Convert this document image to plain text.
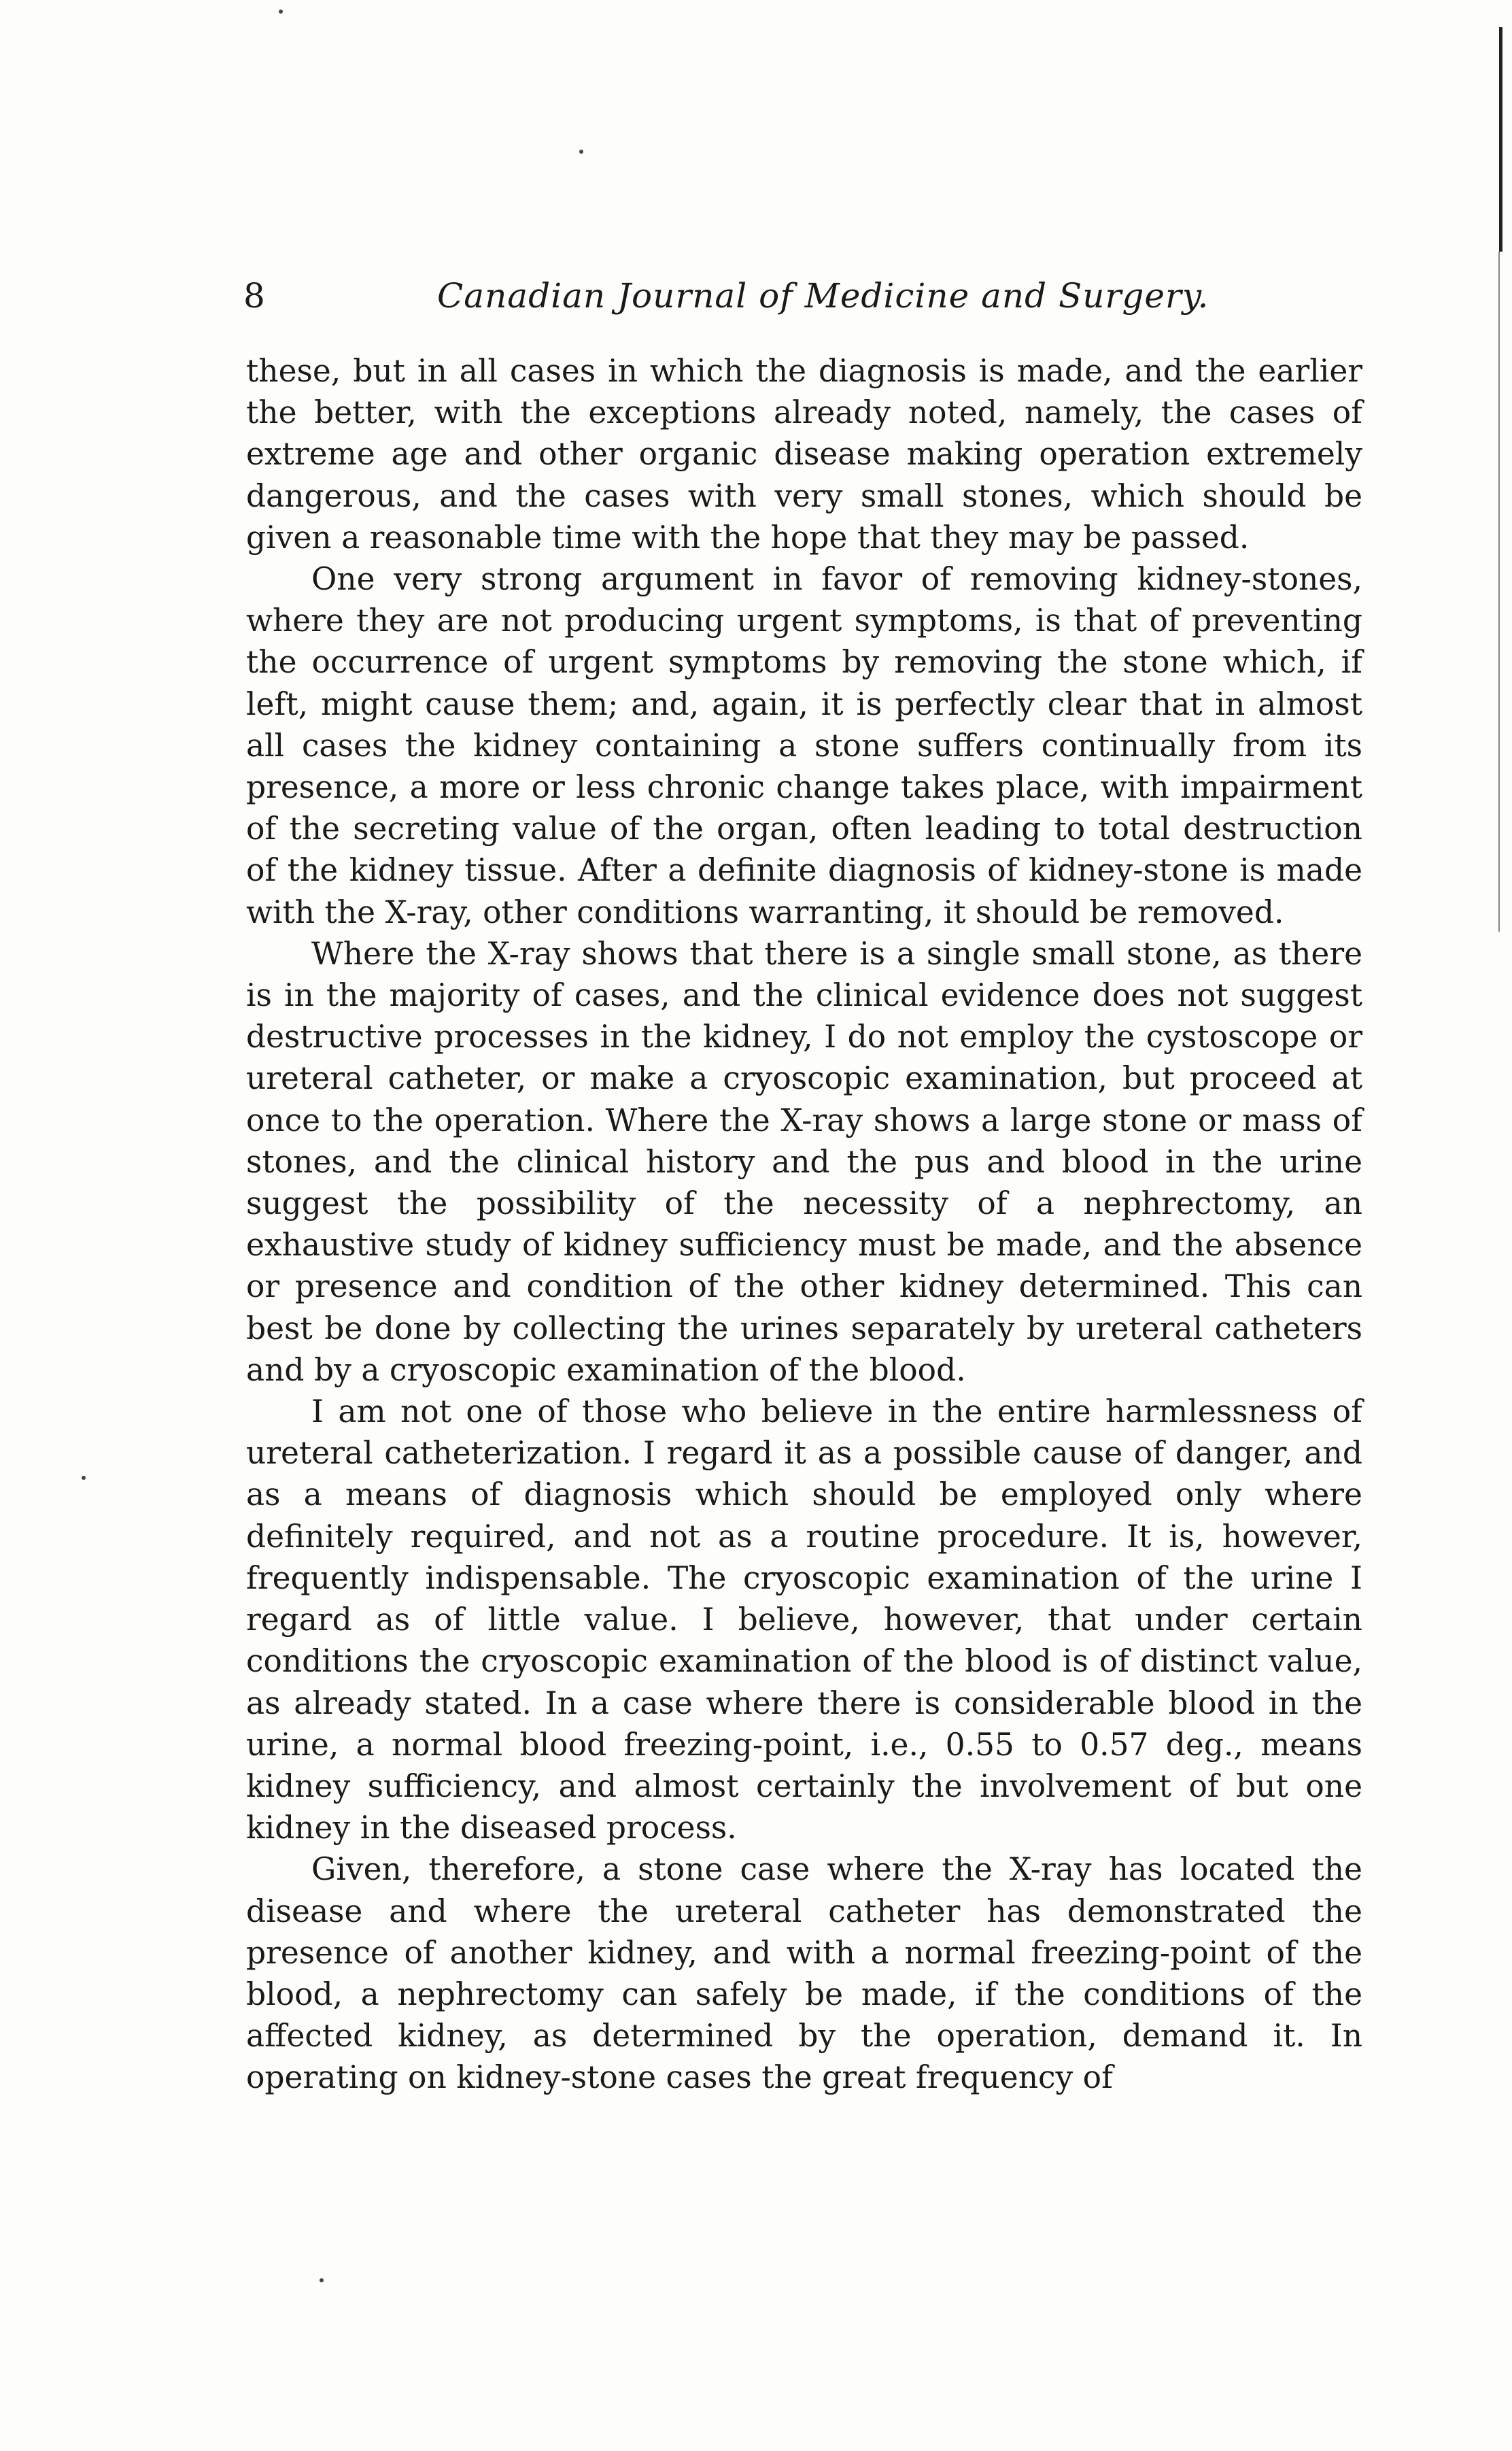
8	Canadian Journal of Medicine and Surgery.

these, but in all cases in which the diagnosis is made, and the earlier the better, with the exceptions already noted, namely, the cases of extreme age and other organic disease making operation extremely dangerous, and the cases with very small stones, which should be given a reasonable time with the hope that they may be passed.

One very strong argument in favor of removing kidney-stones, where they are not producing urgent symptoms, is that of preventing the occurrence of urgent symptoms by removing the stone which, if left, might cause them; and, again, it is perfectly clear that in almost all cases the kidney containing a stone suffers continually from its presence, a more or less chronic change takes place, with impairment of the secreting value of the organ, often leading to total destruction of the kidney tissue. After a definite diagnosis of kidney-stone is made with the X-ray, other conditions warranting, it should be removed.

Where the X-ray shows that there is a single small stone, as there is in the majority of cases, and the clinical evidence does not suggest destructive processes in the kidney, I do not employ the cystoscope or ureteral catheter, or make a cryoscopic examination, but proceed at once to the operation. Where the X-ray shows a large stone or mass of stones, and the clinical history and the pus and blood in the urine suggest the possibility of the necessity of a nephrectomy, an exhaustive study of kidney sufficiency must be made, and the absence or presence and condition of the other kidney determined. This can best be done by collecting the urines separately by ureteral catheters and by a cryoscopic examination of the blood.

I am not one of those who believe in the entire harmlessness of ureteral catheterization. I regard it as a possible cause of danger, and as a means of diagnosis which should be employed only where definitely required, and not as a routine procedure. It is, however, frequently indispensable. The cryoscopic examination of the urine I regard as of little value. I believe, however, that under certain conditions the cryoscopic examination of the blood is of distinct value, as already stated. In a case where there is considerable blood in the urine, a normal blood freezing-point, i.e., 0.55 to 0.57 deg., means kidney sufficiency, and almost certainly the involvement of but one kidney in the diseased process.

Given, therefore, a stone case where the X-ray has located the disease and where the ureteral catheter has demonstrated the presence of another kidney, and with a normal freezing-point of the blood, a nephrectomy can safely be made, if the conditions of the affected kidney, as determined by the operation, demand it. In operating on kidney-stone cases the great frequency of
